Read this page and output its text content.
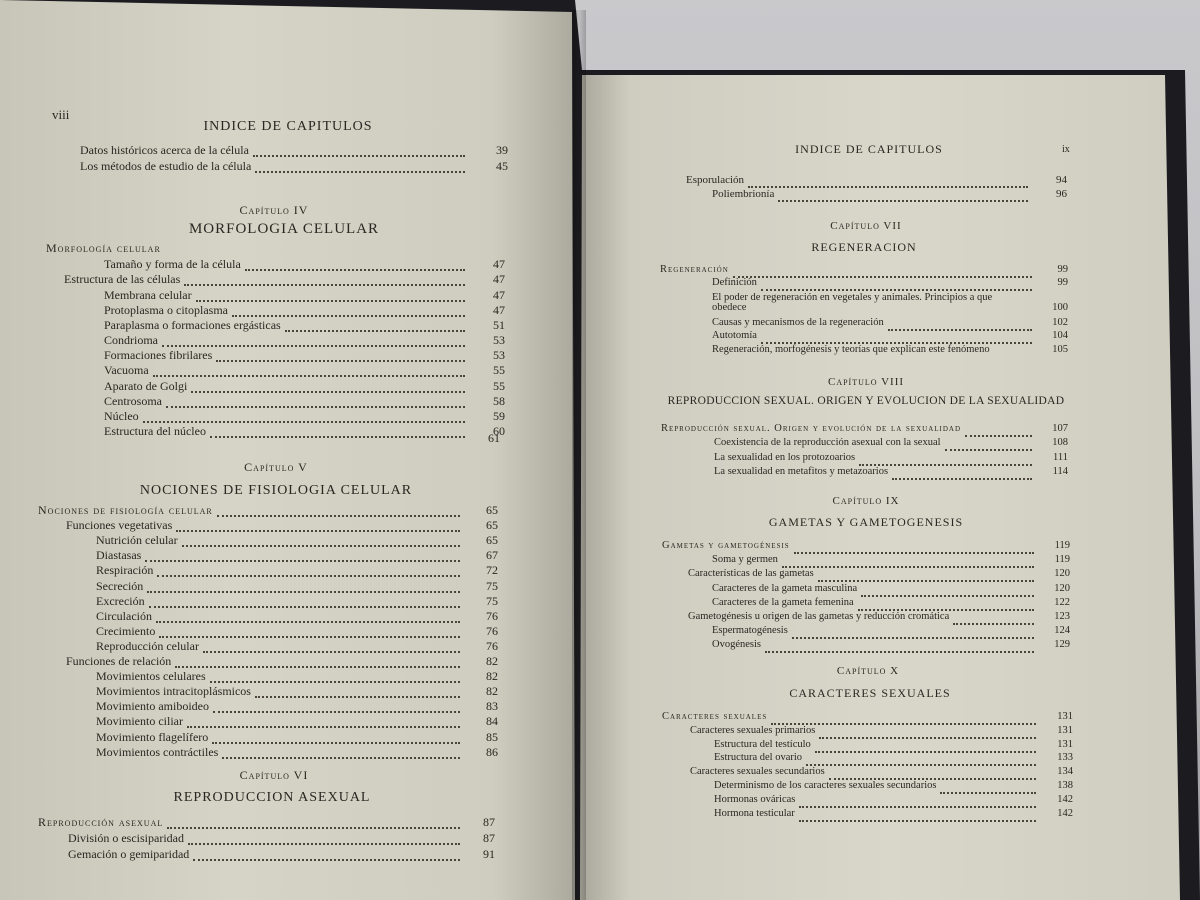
viii
INDICE DE CAPITULOS
Datos históricos acerca de la célula	39
Los métodos de estudio de la célula	45
Capítulo IV
MORFOLOGIA CELULAR
Morfología celular
Tamaño y forma de la célula	47
Estructura de las células	47
Membrana celular	47
Protoplasma o citoplasma	47
Paraplasma o formaciones ergásticas	51
Condrioma	53
Formaciones fibrilares	53
Vacuoma	55
Aparato de Golgi	55
Centrosoma	58
Núcleo	59
Estructura del núcleo	60
61
Capítulo V
NOCIONES DE FISIOLOGIA CELULAR
Nociones de fisiología celular	65
Funciones vegetativas	65
Nutrición celular	65
Diastasas	67
Respiración	72
Secreción	75
Excreción	75
Circulación	76
Crecimiento	76
Reproducción celular	76
Funciones de relación	82
Movimientos celulares	82
Movimientos intracitoplásmicos	82
Movimiento amiboideo	83
Movimiento ciliar	84
Movimiento flagelífero	85
Movimientos contráctiles	86
Capítulo VI
REPRODUCCION ASEXUAL
Reproducción asexual	87
División o escisiparidad	87
Gemación o gemiparidad	91
INDICE DE CAPITULOS	ix
Esporulación	94
Poliembrionía	96
Capítulo VII
REGENERACION
Regeneración	99
Definición	99
El poder de regeneración en vegetales y animales. Principios a que
obedece	100
Causas y mecanismos de la regeneración	102
Autotomía	104
Regeneración, morfogénesis y teorías que explican este fenómeno	105
Capítulo VIII
REPRODUCCION SEXUAL. ORIGEN Y EVOLUCION DE LA SEXUALIDAD
Reproducción sexual. Origen y evolución de la sexualidad	107
Coexistencia de la reproducción asexual con la sexual	108
La sexualidad en los protozoarios	111
La sexualidad en metafitos y metazoarios	114
Capítulo IX
GAMETAS Y GAMETOGENESIS
Gametas y gametogénesis	119
Soma y germen	119
Características de las gametas	120
Caracteres de la gameta masculina	120
Caracteres de la gameta femenina	122
Gametogénesis u origen de las gametas y reducción cromática	123
Espermatogénesis	124
Ovogénesis	129
Capítulo X
CARACTERES SEXUALES
Caracteres sexuales	131
Caracteres sexuales primarios	131
Estructura del testículo	131
Estructura del ovario	133
Caracteres sexuales secundarios	134
Determinismo de los caracteres sexuales secundarios	138
Hormonas ováricas	142
Hormona testicular	142
